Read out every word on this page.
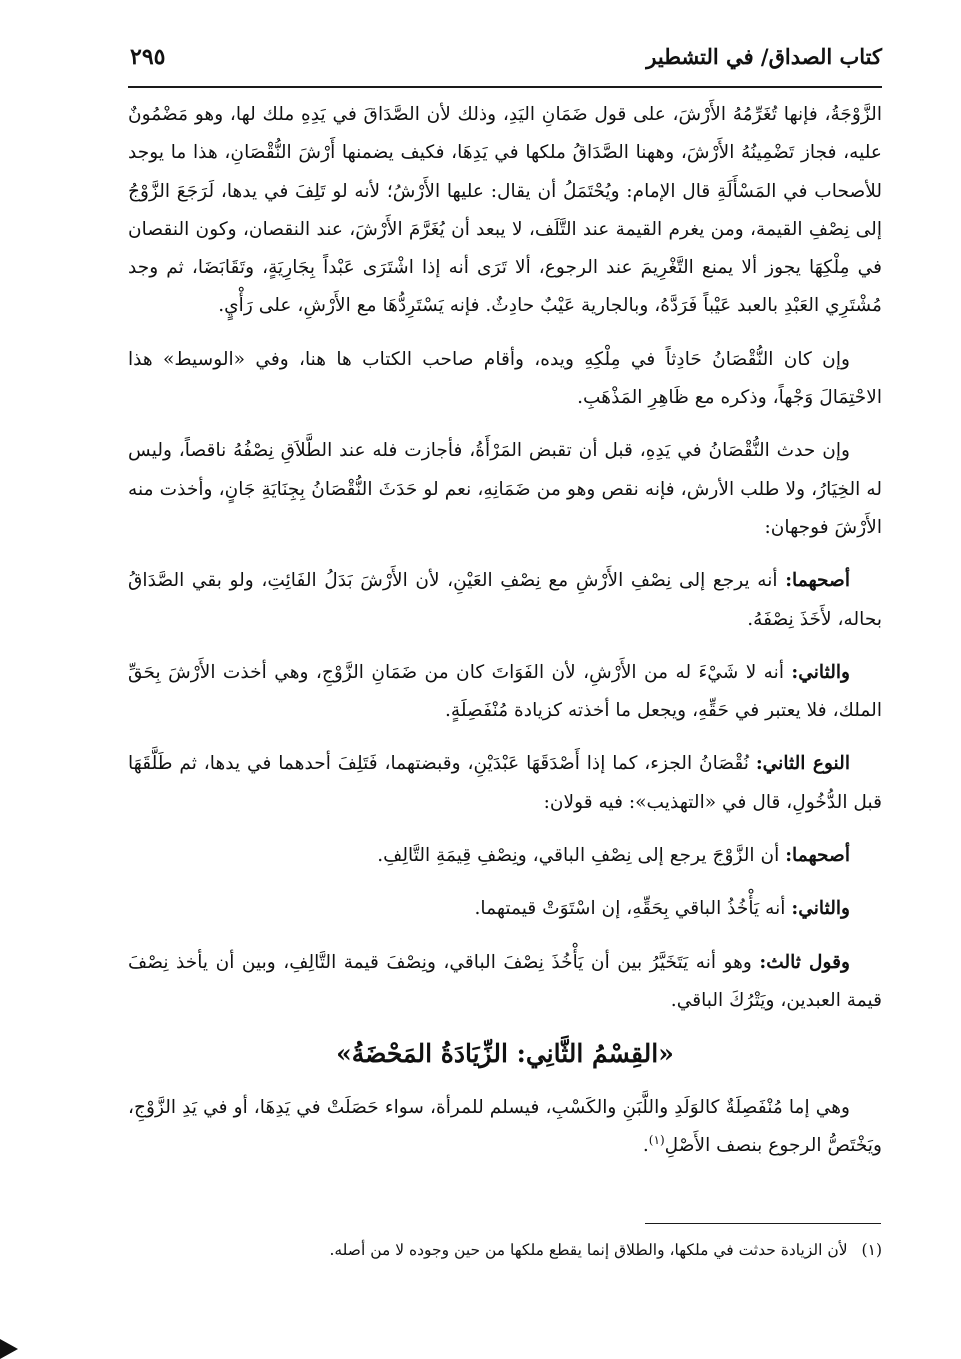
كتاب الصداق/ في التشطير
٢٩٥

الزَّوْجَةُ، فإنها تُغَرِّمُهُ الأَرْشَ، على قول ضَمَانِ اليَدِ، وذلك لأن الصَّدَاقَ في يَدِهِ ملك لها، وهو مَضْمُونٌ عليه، فجاز تَضْمِينُهُ الأَرْشَ، وههنا الصَّدَاقُ ملكها في يَدِهَا، فكيف يضمنها أَرْشَ النُّقْصَانِ، هذا ما يوجد للأصحاب في المَسْأَلَةِ قال الإمام: ويُحْتَمَلُ أن يقال: عليها الأَرْشُ؛ لأنه لو تَلِفَ في يدها، لَرَجَعَ الزَّوْجُ إلى نِصْفِ القيمة، ومن يغرم القيمة عند التَّلَف، لا يبعد أن يُغَرَّمَ الأَرْشَ، عند النقصان، وكون النقصان في مِلْكِهَا يجوز ألا يمنع التَّغْرِيمَ عند الرجوع، ألا تَرَى أنه إذا اشْتَرَى عَبْداً بِجَارِيَةٍ، وتَقَابَضَا، ثم وجد مُشْتَرِي العَبْدِ بالعبد عَيْباً فَرَدَّهُ، وبالجارية عَيْبٌ حادِثٌ. فإنه يَسْتَرِدُّهَا مع الأَرْشِ، على رَأْيٍ.

وإن كان النُّقْصَانُ حَادِثاً في مِلْكِهِ ويده، وأقام صاحب الكتاب ها هنا، وفي «الوسيط» هذا الاحْتِمَالَ وَجْهاً، وذكره مع ظَاهِرِ المَذْهَبِ.

وإن حدث النُّقْصَانُ في يَدِهِ، قبل أن تقبض المَرْأَةُ، فأجازت فله عند الطَّلاَقِ نِصْفُهُ ناقصاً، وليس له الخِيَارُ، ولا طلب الأرش، فإنه نقص وهو من ضَمَانِهِ، نعم لو حَدَثَ النُّقْصَانُ بِجِنَايَةِ جَانٍ، وأخذت منه الأَرْشَ فوجهان:

أصحهما: أنه يرجع إلى نِصْفِ الأَرْشِ مع نِصْفِ العَيْنِ، لأن الأَرْشَ بَدَلُ الفَائِتِ، ولو بقي الصَّدَاقُ بحاله، لأَخَذَ نِصْفَهُ.

والثاني: أنه لا شَيْءَ له من الأَرْشِ، لأن الفَوَاتَ كان من ضَمَانِ الزَّوْجِ، وهي أخذت الأَرْشَ بِحَقِّ الملك، فلا يعتبر في حَقِّهِ، ويجعل ما أخذته كزيادة مُنْفَصِلَةٍ.

النوع الثاني: نُقْصَانُ الجزء، كما إذا أَصْدَقَهَا عَبْدَيْنِ، وقبضتهما، فَتَلِفَ أحدهما في يدها، ثم طَلَّقَهَا قبل الدُّخُولِ، قال في «التهذيب»: فيه قولان:

أصحهما: أن الزَّوْجَ يرجع إلى نِصْفِ الباقي، ونِصْفِ قِيمَةِ التَّالِفِ.

والثاني: أنه يَأْخُذُ الباقي بِحَقِّهِ، إن اسْتَوَتْ قيمتهما.

وقول ثالث: وهو أنه يَتَخَيَّرُ بين أن يَأْخُذَ نِصْفَ الباقي، ونِصْفَ قيمة التَّالِفِ، وبين أن يأخذ نِصْفَ قيمة العبدين، ويَتْرُكَ الباقي.

«القِسْمُ الثَّانِي: الزِّيَادَةُ المَحْضَةُ»

وهي إما مُنْفَصِلَةٌ كالوَلَدِ واللَّبَنِ والكَسْبِ، فيسلم للمرأة، سواء حَصَلَتْ في يَدِهَا، أو في يَدِ الزَّوْجِ، ويَخْتَصُّ الرجوع بنصف الأَصْلِ$^{(١)}$.

(١)لأن الزيادة حدثت في ملكها، والطلاق إنما يقطع ملكها من حين وجوده لا من أصله.
